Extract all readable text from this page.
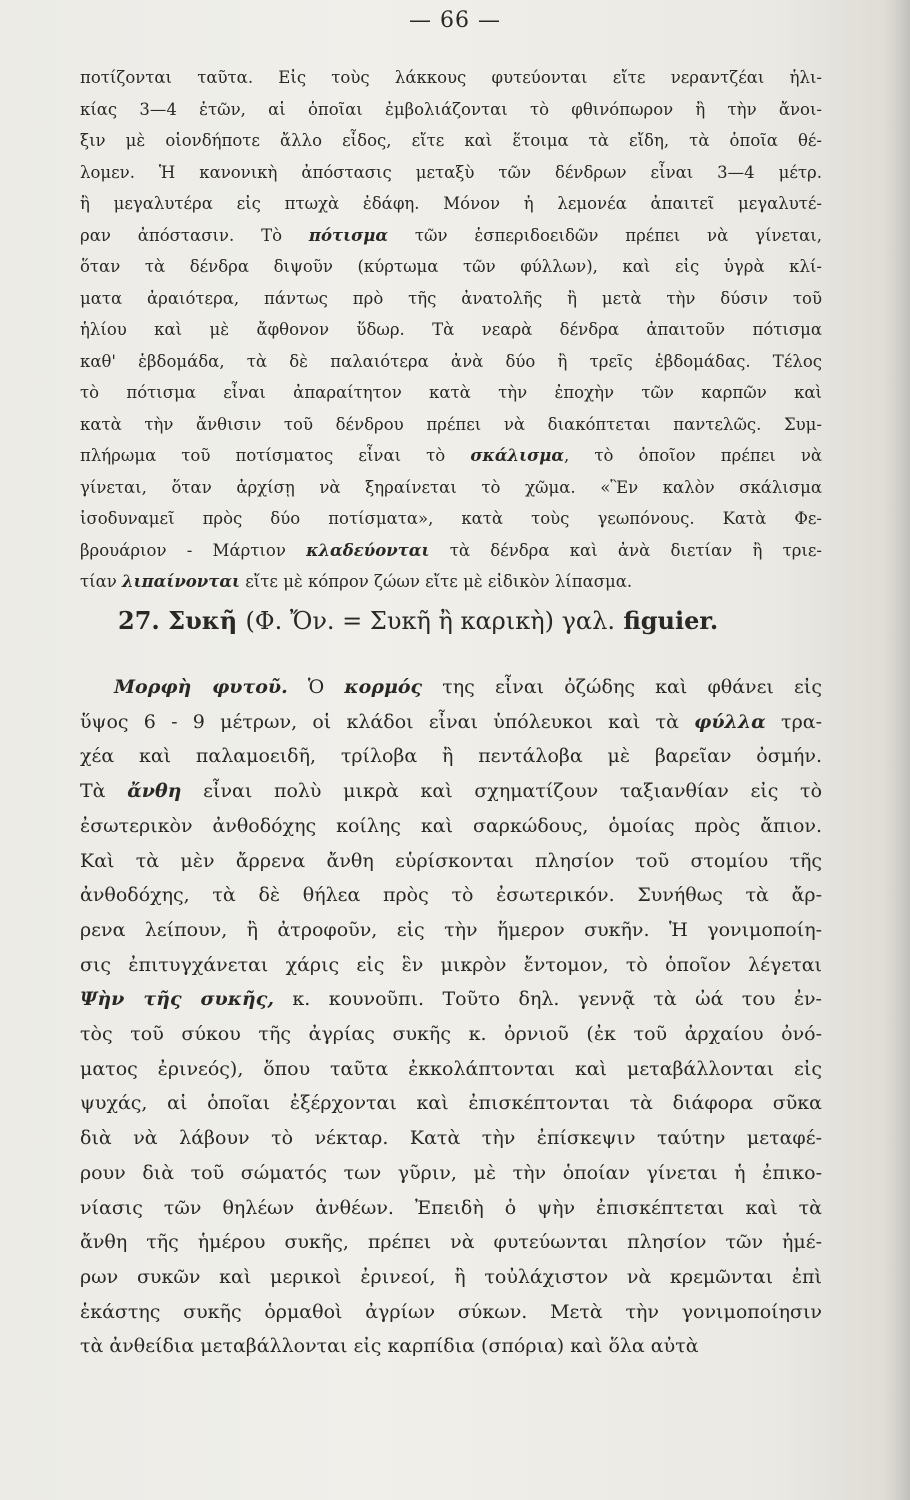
— 66 —
ποτίζονται ταῦτα. Εἰς τοὺς λάκκους φυτεύονται εἴτε νεραντζέαι ἡλι-
κίας 3—4 ἐτῶν, αἱ ὁποῖαι ἐμβολιάζονται τὸ φθινόπωρον ἢ τὴν ἄνοι-
ξιν μὲ οἱονδήποτε ἄλλο εἶδος, εἴτε καὶ ἕτοιμα τὰ εἴδη, τὰ ὁποῖα θέ-
λομεν. Ἡ κανονικὴ ἀπόστασις μεταξὺ τῶν δένδρων εἶναι 3—4 μέτρ.
ἢ μεγαλυτέρα εἰς πτωχὰ ἐδάφη. Μόνον ἡ λεμονέα ἀπαιτεῖ μεγαλυτέ-
ραν ἀπόστασιν. Τὸ πότισμα τῶν ἑσπεριδοειδῶν πρέπει νὰ γίνεται,
ὅταν τὰ δένδρα διψοῦν (κύρτωμα τῶν φύλλων), καὶ εἰς ὑγρὰ κλί-
ματα ἀραιότερα, πάντως πρὸ τῆς ἀνατολῆς ἢ μετὰ τὴν δύσιν τοῦ
ἡλίου καὶ μὲ ἄφθονον ὕδωρ. Τὰ νεαρὰ δένδρα ἀπαιτοῦν πότισμα
καθ' ἑβδομάδα, τὰ δὲ παλαιότερα ἀνὰ δύο ἢ τρεῖς ἑβδομάδας. Τέλος
τὸ πότισμα εἶναι ἀπαραίτητον κατὰ τὴν ἐποχὴν τῶν καρπῶν καὶ
κατὰ τὴν ἄνθισιν τοῦ δένδρου πρέπει νὰ διακόπτεται παντελῶς. Συμ-
πλήρωμα τοῦ ποτίσματος εἶναι τὸ σκάλισμα, τὸ ὁποῖον πρέπει νὰ
γίνεται, ὅταν ἀρχίσῃ νὰ ξηραίνεται τὸ χῶμα. «Ἓν καλὸν σκάλισμα
ἰσοδυναμεῖ πρὸς δύο ποτίσματα», κατὰ τοὺς γεωπόνους. Κατὰ Φε-
βρουάριον - Μάρτιον κλαδεύονται τὰ δένδρα καὶ ἀνὰ διετίαν ἢ τριε-
τίαν λιπαίνονται εἴτε μὲ κόπρον ζώων εἴτε μὲ εἰδικὸν λίπασμα.
27. Συκῆ (Φ. Ὄν. = Συκῆ ἢ καρικὴ) γαλ. figuier.
Μορφὴ φυτοῦ. Ὁ κορμός της εἶναι ὀζώδης καὶ φθάνει εἰς
ὕψος 6 - 9 μέτρων, οἱ κλάδοι εἶναι ὑπόλευκοι καὶ τὰ φύλλα τρα-
χέα καὶ παλαμοειδῆ, τρίλοβα ἢ πεντάλοβα μὲ βαρεῖαν ὀσμήν.
Τὰ ἄνθη εἶναι πολὺ μικρὰ καὶ σχηματίζουν ταξιανθίαν εἰς τὸ
ἐσωτερικὸν ἀνθοδόχης κοίλης καὶ σαρκώδους, ὁμοίας πρὸς ἄπιον.
Καὶ τὰ μὲν ἄρρενα ἄνθη εὑρίσκονται πλησίον τοῦ στομίου τῆς
ἀνθοδόχης, τὰ δὲ θήλεα πρὸς τὸ ἐσωτερικόν. Συνήθως τὰ ἄρ-
ρενα λείπουν, ἢ ἀτροφοῦν, εἰς τὴν ἥμερον συκῆν. Ἡ γονιμοποίη-
σις ἐπιτυγχάνεται χάρις εἰς ἓν μικρὸν ἔντομον, τὸ ὁποῖον λέγεται
Ψὴν τῆς συκῆς, κ. κουνοῦπι. Τοῦτο δηλ. γεννᾷ τὰ ὠά του ἐν-
τὸς τοῦ σύκου τῆς ἀγρίας συκῆς κ. ὀρνιοῦ (ἐκ τοῦ ἀρχαίου ὀνό-
ματος ἐρινεός), ὅπου ταῦτα ἐκκολάπτονται καὶ μεταβάλλονται εἰς
ψυχάς, αἱ ὁποῖαι ἐξέρχονται καὶ ἐπισκέπτονται τὰ διάφορα σῦκα
διὰ νὰ λάβουν τὸ νέκταρ. Κατὰ τὴν ἐπίσκεψιν ταύτην μεταφέ-
ρουν διὰ τοῦ σώματός των γῦριν, μὲ τὴν ὁποίαν γίνεται ἡ ἐπικο-
νίασις τῶν θηλέων ἀνθέων. Ἐπειδὴ ὁ ψὴν ἐπισκέπτεται καὶ τὰ
ἄνθη τῆς ἡμέρου συκῆς, πρέπει νὰ φυτεύωνται πλησίον τῶν ἡμέ-
ρων συκῶν καὶ μερικοὶ ἐρινεοί, ἢ τοὐλάχιστον νὰ κρεμῶνται ἐπὶ
ἑκάστης συκῆς ὁρμαθοὶ ἀγρίων σύκων. Μετὰ τὴν γονιμοποίησιν
τὰ ἀνθείδια μεταβάλλονται εἰς καρπίδια (σπόρια) καὶ ὅλα αὐτὰ
